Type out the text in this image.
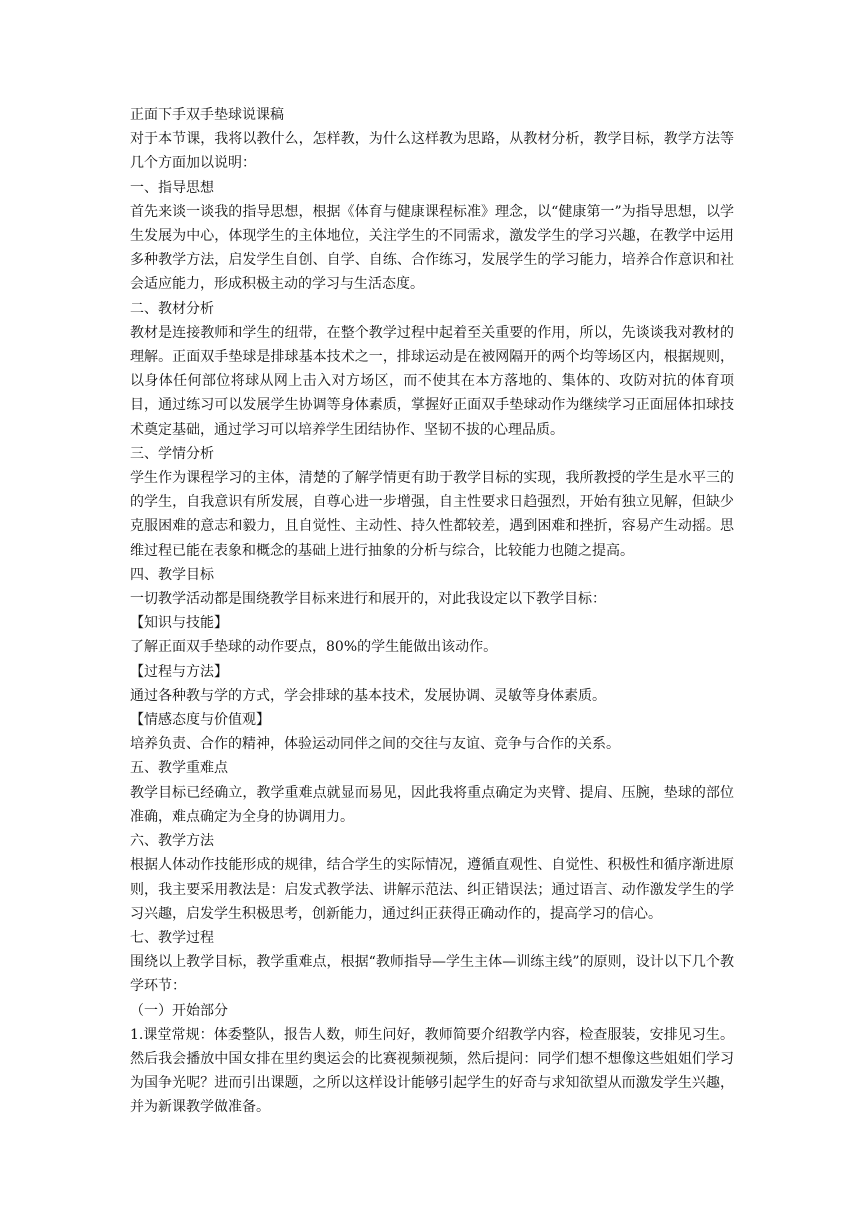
正面下手双手垫球说课稿

对于本节课，我将以教什么，怎样教，为什么这样教为思路，从教材分析，教学目标，教学方法等几个方面加以说明：

一、指导思想

首先来谈一谈我的指导思想，根据《体育与健康课程标准》理念，以“健康第一”为指导思想，以学生发展为中心，体现学生的主体地位，关注学生的不同需求，激发学生的学习兴趣，在教学中运用多种教学方法，启发学生自创、自学、自练、合作练习，发展学生的学习能力，培养合作意识和社会适应能力，形成积极主动的学习与生活态度。

二、教材分析

教材是连接教师和学生的纽带，在整个教学过程中起着至关重要的作用，所以，先谈谈我对教材的理解。正面双手垫球是排球基本技术之一，排球运动是在被网隔开的两个均等场区内，根据规则，以身体任何部位将球从网上击入对方场区，而不使其在本方落地的、集体的、攻防对抗的体育项目，通过练习可以发展学生协调等身体素质，掌握好正面双手垫球动作为继续学习正面屈体扣球技术奠定基础，通过学习可以培养学生团结协作、坚韧不拔的心理品质。

三、学情分析

学生作为课程学习的主体，清楚的了解学情更有助于教学目标的实现，我所教授的学生是水平三的的学生，自我意识有所发展，自尊心进一步增强，自主性要求日趋强烈，开始有独立见解，但缺少克服困难的意志和毅力，且自觉性、主动性、持久性都较差，遇到困难和挫折，容易产生动摇。思维过程已能在表象和概念的基础上进行抽象的分析与综合，比较能力也随之提高。

四、教学目标

一切教学活动都是围绕教学目标来进行和展开的，对此我设定以下教学目标：

【知识与技能】

了解正面双手垫球的动作要点，80%的学生能做出该动作。

【过程与方法】

通过各种教与学的方式，学会排球的基本技术，发展协调、灵敏等身体素质。

【情感态度与价值观】

培养负责、合作的精神，体验运动同伴之间的交往与友谊、竞争与合作的关系。

五、教学重难点

教学目标已经确立，教学重难点就显而易见，因此我将重点确定为夹臂、提肩、压腕，垫球的部位准确，难点确定为全身的协调用力。

六、教学方法

根据人体动作技能形成的规律，结合学生的实际情况，遵循直观性、自觉性、积极性和循序渐进原则，我主要采用教法是：启发式教学法、讲解示范法、纠正错误法；通过语言、动作激发学生的学习兴趣，启发学生积极思考，创新能力，通过纠正获得正确动作的，提高学习的信心。

七、教学过程

围绕以上教学目标，教学重难点，根据“教师指导—学生主体—训练主线”的原则，设计以下几个教学环节：

（一）开始部分

1.课堂常规：体委整队，报告人数，师生问好，教师简要介绍教学内容，检查服装，安排见习生。然后我会播放中国女排在里约奥运会的比赛视频视频，然后提问：同学们想不想像这些姐姐们学习为国争光呢？进而引出课题，之所以这样设计能够引起学生的好奇与求知欲望从而激发学生兴趣，并为新课教学做准备。
